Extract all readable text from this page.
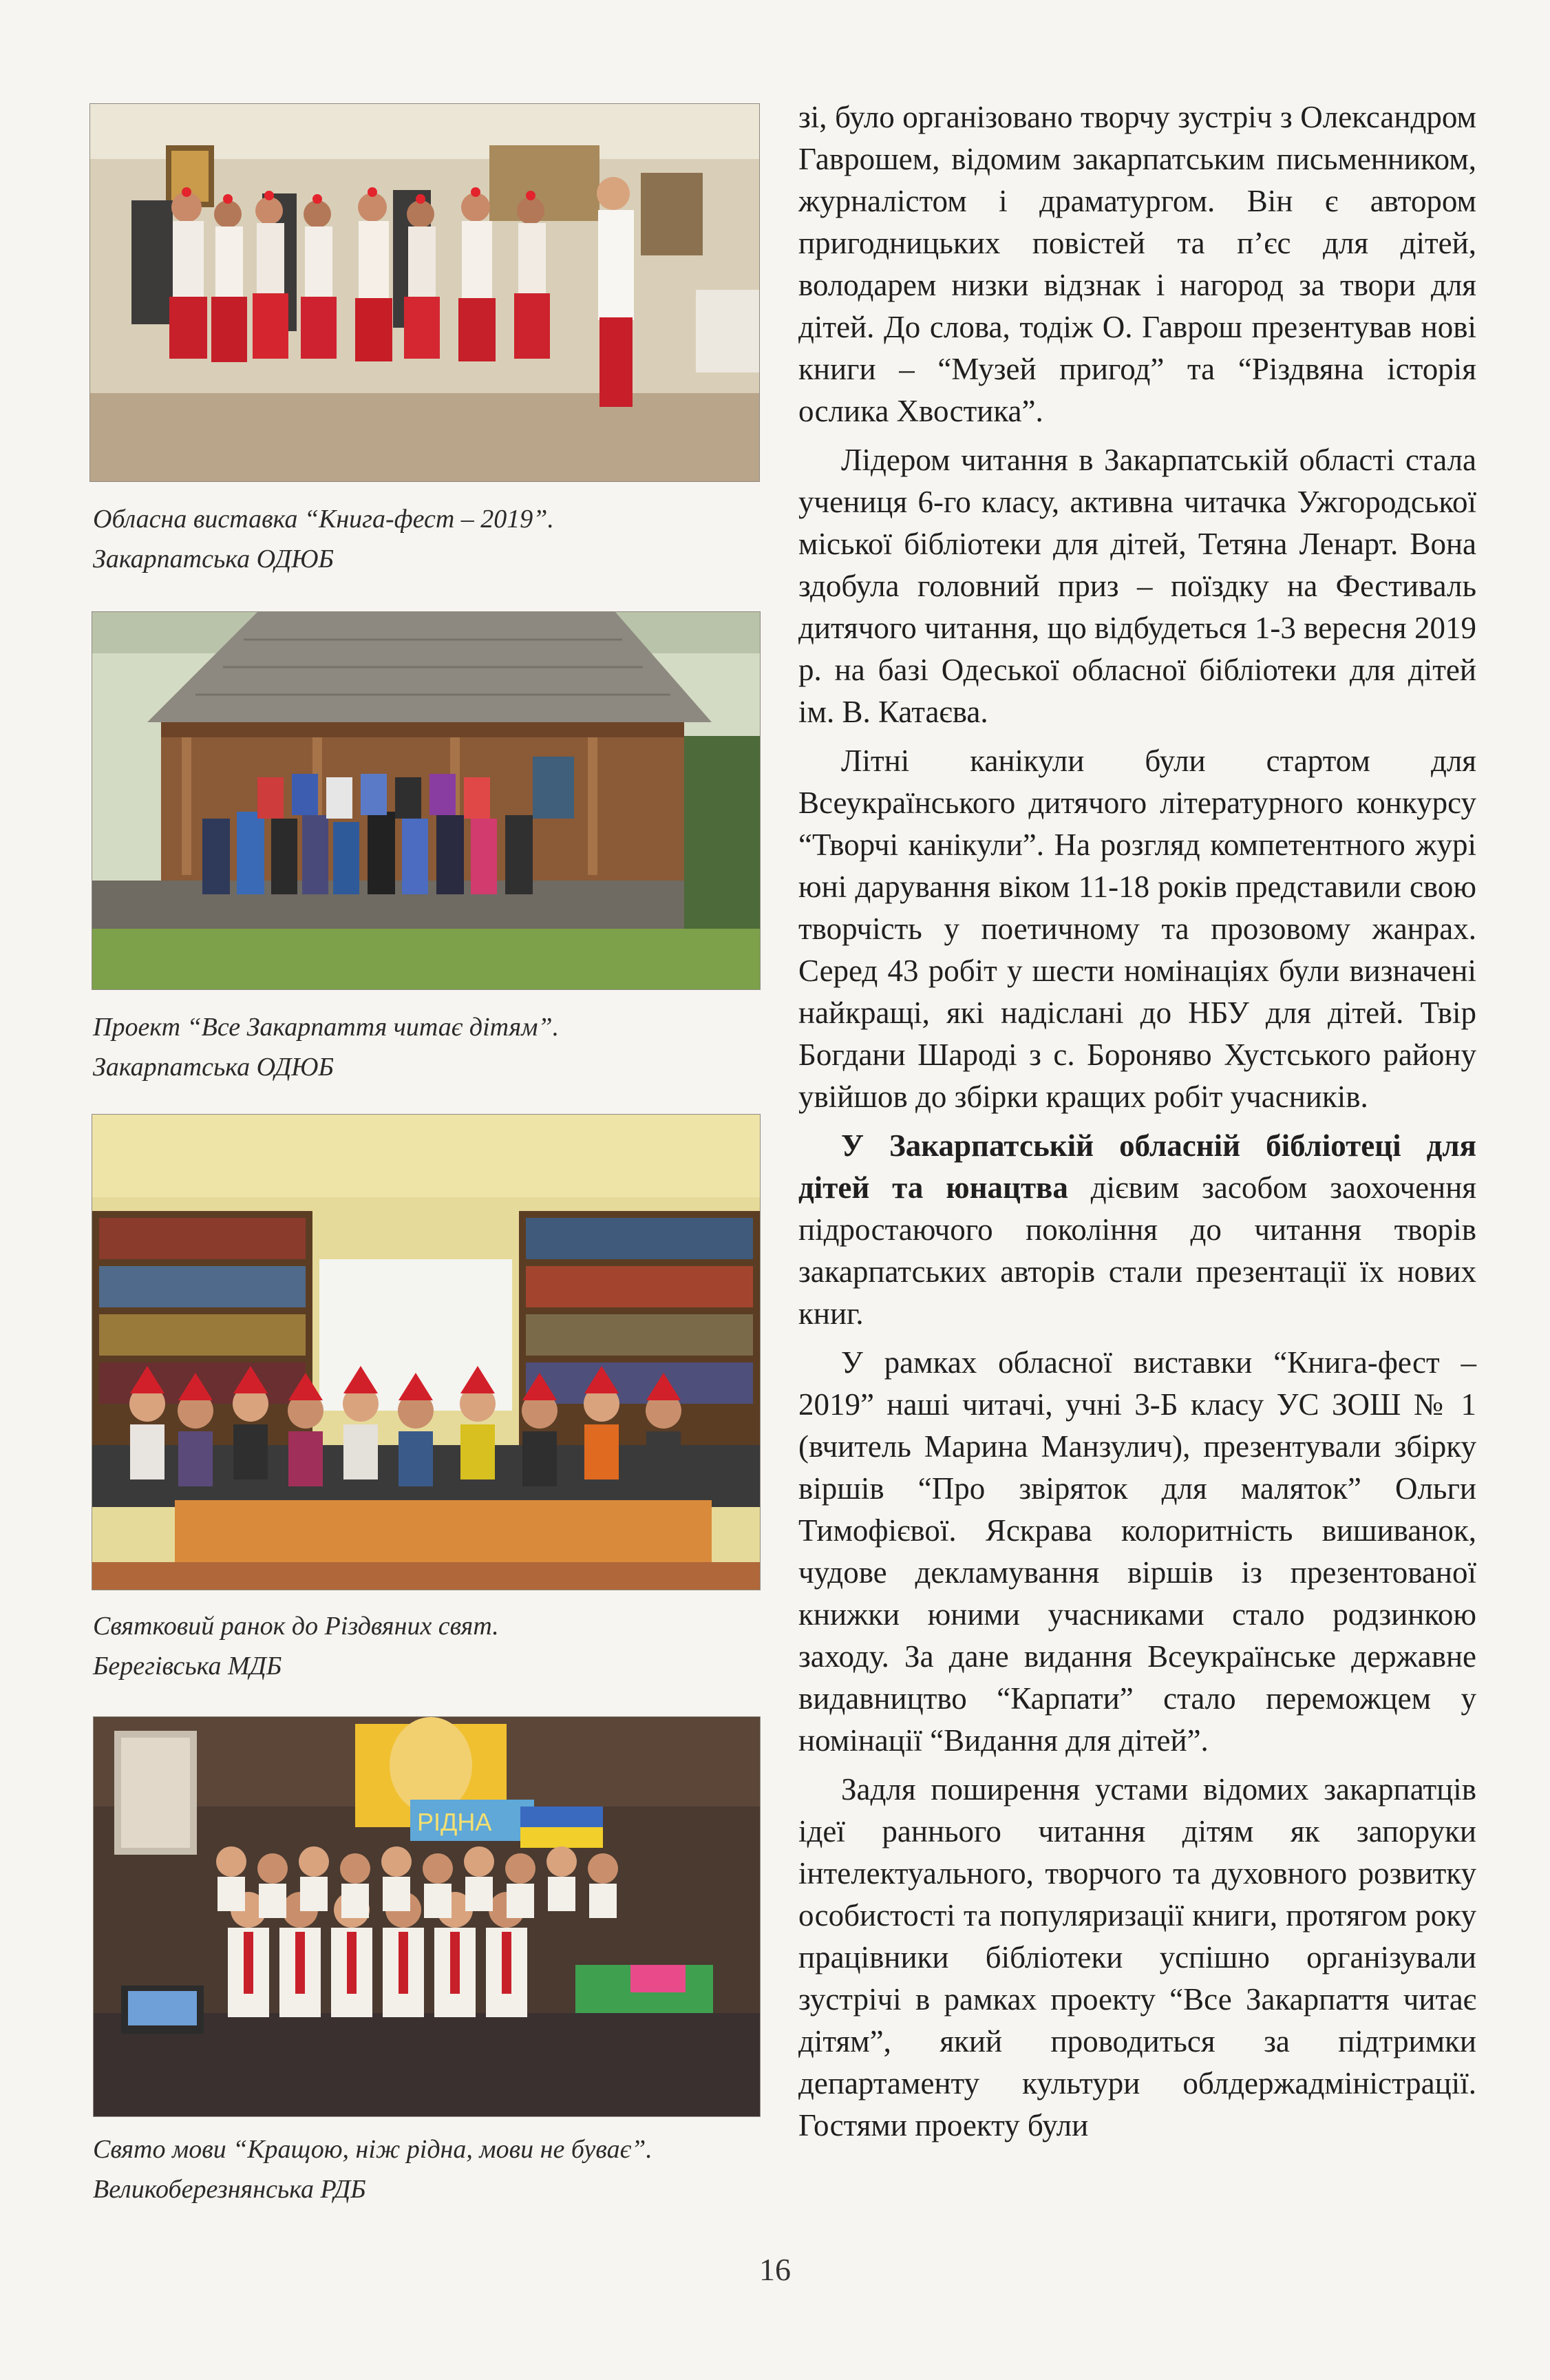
Обласна виставка “Книга-фест – 2019”.
Закарпатська ОДЮБ
Проект “Все Закарпаття читає дітям”.
Закарпатська ОДЮБ
Святковий ранок до Різдвяних свят.
Берегівська МДБ
РІДНА
Свято мови “Кращою, ніж рідна, мови не буває”.
Великоберезнянська РДБ

зі, було організовано творчу зустріч з Олександром Гаврошем, відомим закарпатським письменником, журналістом і драматургом. Він є автором пригодницьких повістей та п’єс для дітей, володарем низки відзнак і нагород за твори для дітей. До слова, тодіж О. Гаврош презентував нові книги – “Музей пригод” та “Різдвяна історія ослика Хвостика”.

Лідером читання в Закарпатській області стала учениця 6-го класу, активна читачка Ужгородської міської бібліотеки для дітей, Тетяна Ленарт. Вона здобула головний приз – поїздку на Фестиваль дитячого читання, що відбудеться 1-3 вересня 2019 р. на базі Одеської обласної бібліотеки для дітей ім. В. Катаєва.

Літні канікули були стартом для Всеукраїнського дитячого літературного конкурсу “Творчі канікули”. На розгляд компетентного журі юні дарування віком 11-18 років представили свою творчість у поетичному та прозовому жанрах. Серед 43 робіт у шести номінаціях були визначені найкращі, які надіслані до НБУ для дітей. Твір Богдани Шароді з с. Бороняво Хустського району увійшов до збірки кращих робіт учасників.

У Закарпатській обласній бібліотеці для дітей та юнацтва дієвим засобом заохочення підростаючого покоління до читання творів закарпатських авторів стали презентації їх нових книг.

У рамках обласної виставки “Книга-фест – 2019” наші читачі, учні 3-Б класу УС ЗОШ № 1 (вчитель Марина Манзулич), презентували збірку віршів “Про звіряток для маляток” Ольги Тимофієвої. Яскрава колоритність вишиванок, чудове декламування віршів із презентованої книжки юними учасниками стало родзинкою заходу. За дане видання Всеукраїнське державне видавництво “Карпати” стало переможцем у номінації “Видання для дітей”.

Задля поширення устами відомих закарпатців ідеї раннього читання дітям як запоруки інтелектуального, творчого та духовного розвитку особистості та популяризації книги, протягом року працівники бібліотеки успішно організували зустрічі в рамках проекту “Все Закарпаття читає дітям”, який проводиться за підтримки департаменту культури облдержадміністрації. Гостями проекту були

16
